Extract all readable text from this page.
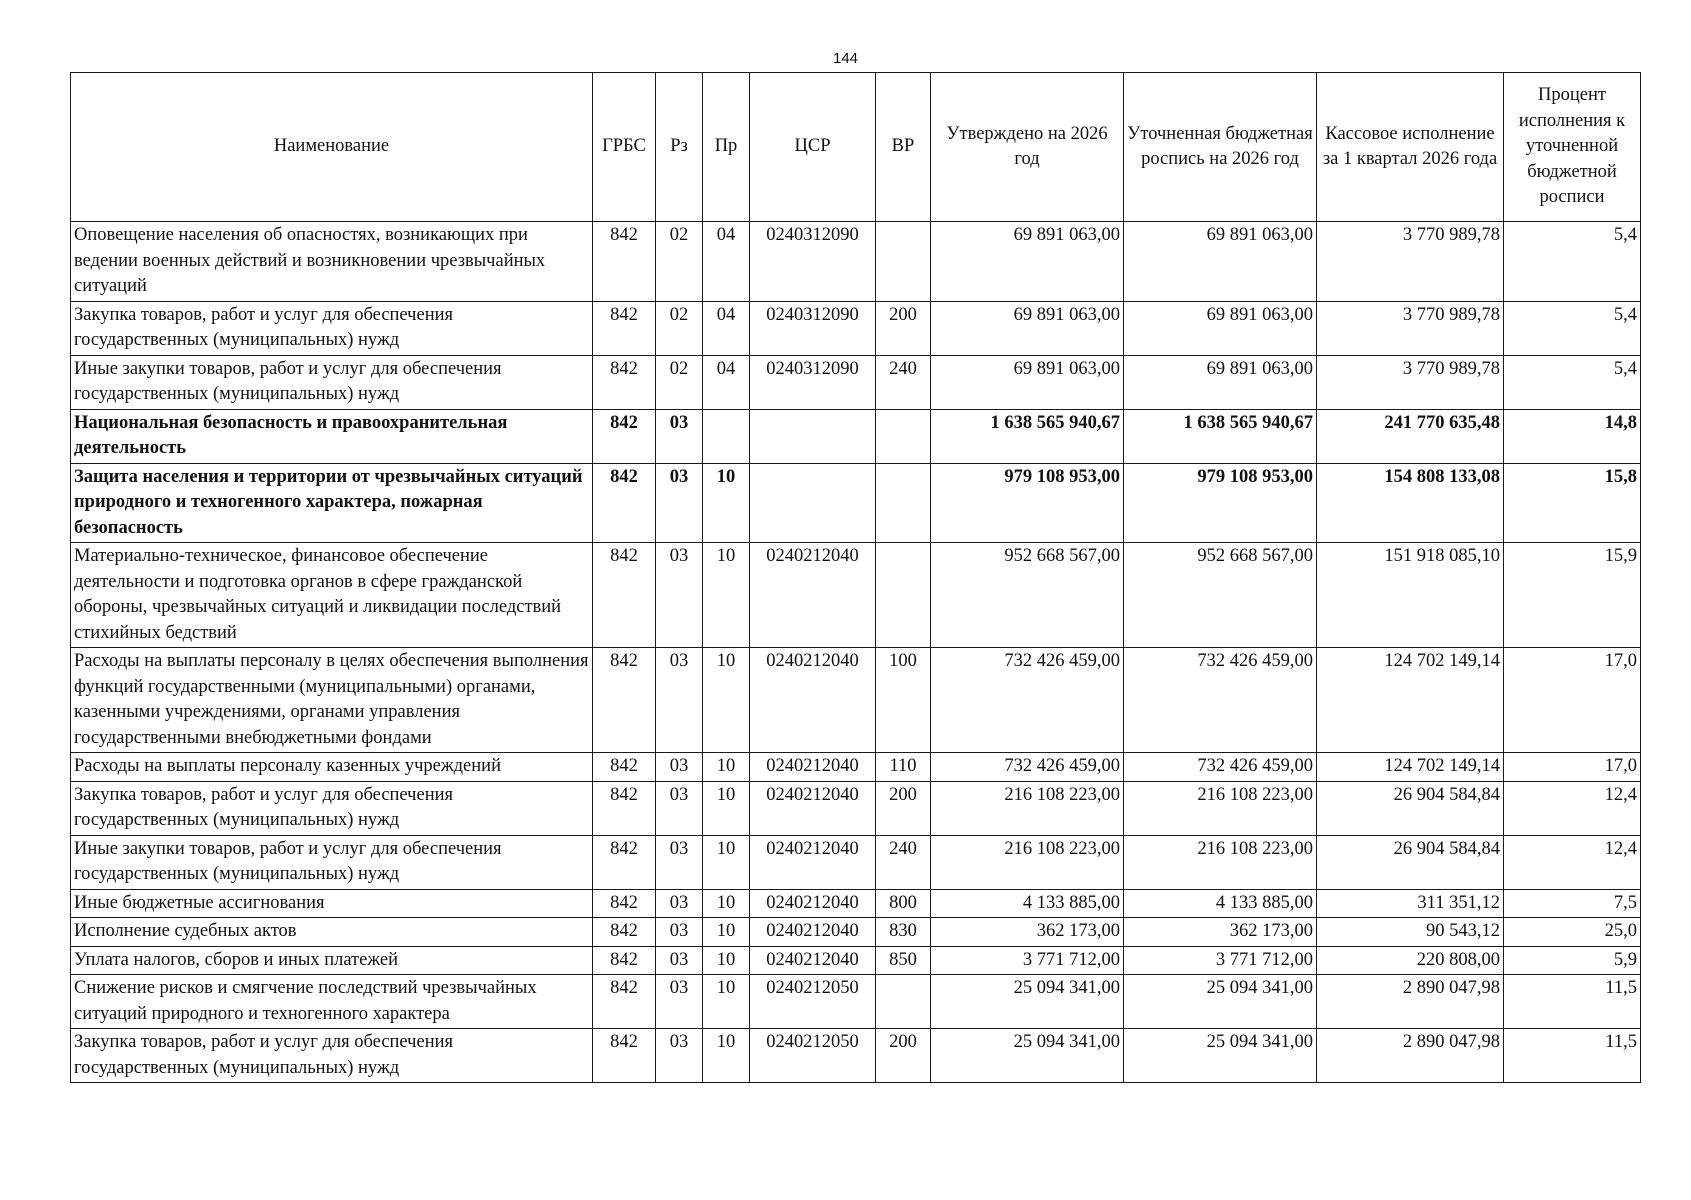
144
Наименование	ГРБС	Рз	Пр	ЦСР	ВР	Утверждено на 2026 год	Уточненная бюджетная роспись на 2026 год	Кассовое исполнение за 1 квартал 2026 года	Процент исполнения к уточненной бюджетной росписи
Оповещение населения об опасностях, возникающих при ведении военных действий и возникновении чрезвычайных ситуаций	842	02	04	0240312090		69 891 063,00	69 891 063,00	3 770 989,78	5,4
Закупка товаров, работ и услуг для обеспечения государственных (муниципальных) нужд	842	02	04	0240312090	200	69 891 063,00	69 891 063,00	3 770 989,78	5,4
Иные закупки товаров, работ и услуг для обеспечения государственных (муниципальных) нужд	842	02	04	0240312090	240	69 891 063,00	69 891 063,00	3 770 989,78	5,4
Национальная безопасность и правоохранительная деятельность	842	03				1 638 565 940,67	1 638 565 940,67	241 770 635,48	14,8
Защита населения и территории от чрезвычайных ситуаций природного и техногенного характера, пожарная безопасность	842	03	10			979 108 953,00	979 108 953,00	154 808 133,08	15,8
Материально-техническое, финансовое обеспечение деятельности и подготовка органов в сфере гражданской обороны, чрезвычайных ситуаций и ликвидации последствий стихийных бедствий	842	03	10	0240212040		952 668 567,00	952 668 567,00	151 918 085,10	15,9
Расходы на выплаты персоналу в целях обеспечения выполнения функций государственными (муниципальными) органами, казенными учреждениями, органами управления государственными внебюджетными фондами	842	03	10	0240212040	100	732 426 459,00	732 426 459,00	124 702 149,14	17,0
Расходы на выплаты персоналу казенных учреждений	842	03	10	0240212040	110	732 426 459,00	732 426 459,00	124 702 149,14	17,0
Закупка товаров, работ и услуг для обеспечения государственных (муниципальных) нужд	842	03	10	0240212040	200	216 108 223,00	216 108 223,00	26 904 584,84	12,4
Иные закупки товаров, работ и услуг для обеспечения государственных (муниципальных) нужд	842	03	10	0240212040	240	216 108 223,00	216 108 223,00	26 904 584,84	12,4
Иные бюджетные ассигнования	842	03	10	0240212040	800	4 133 885,00	4 133 885,00	311 351,12	7,5
Исполнение судебных актов	842	03	10	0240212040	830	362 173,00	362 173,00	90 543,12	25,0
Уплата налогов, сборов и иных платежей	842	03	10	0240212040	850	3 771 712,00	3 771 712,00	220 808,00	5,9
Снижение рисков и смягчение последствий чрезвычайных ситуаций природного и техногенного характера	842	03	10	0240212050		25 094 341,00	25 094 341,00	2 890 047,98	11,5
Закупка товаров, работ и услуг для обеспечения государственных (муниципальных) нужд	842	03	10	0240212050	200	25 094 341,00	25 094 341,00	2 890 047,98	11,5
